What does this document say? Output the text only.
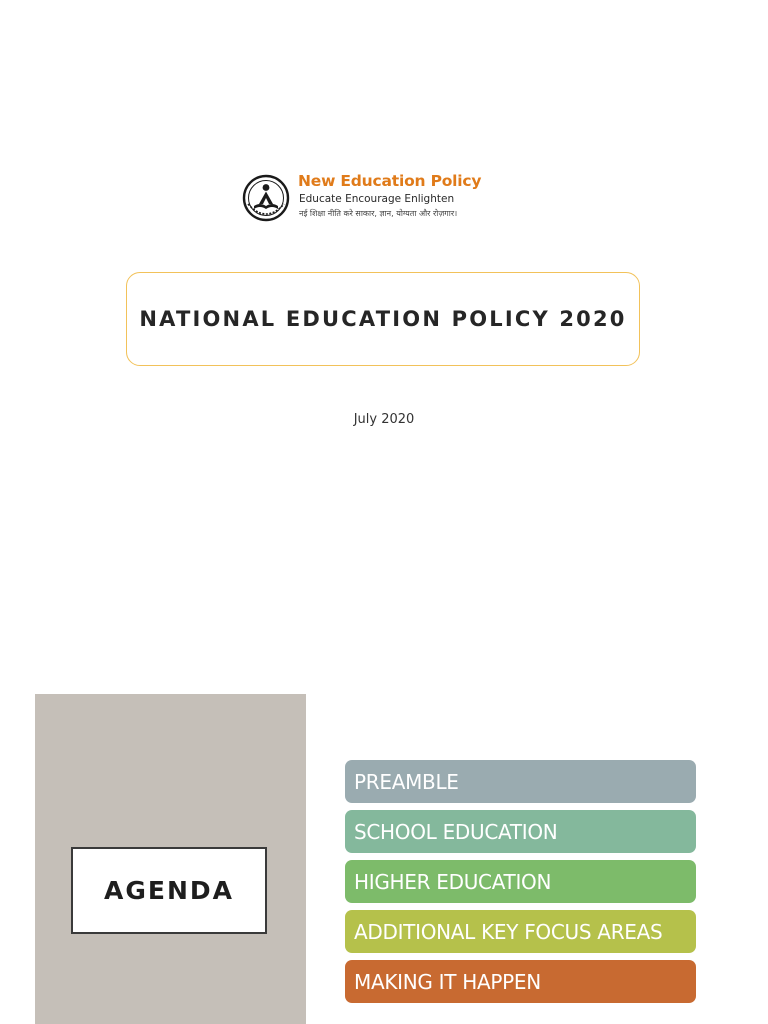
New Education Policy
Educate Encourage Enlighten
नई शिक्षा नीति करे साकार, ज्ञान, योग्यता और रोज़गार।
NATIONAL EDUCATION POLICY 2020
July 2020
AGENDA
PREAMBLE
SCHOOL EDUCATION
HIGHER EDUCATION
ADDITIONAL KEY FOCUS AREAS
MAKING IT HAPPEN
